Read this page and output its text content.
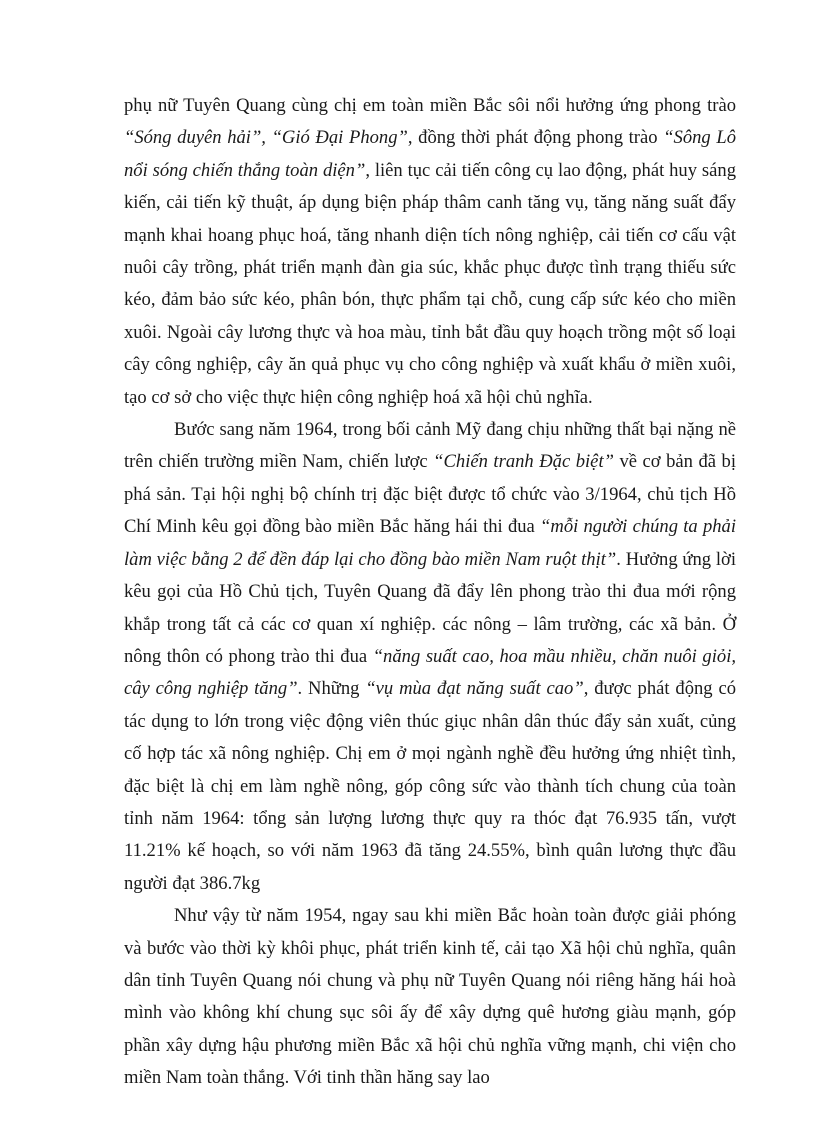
phụ nữ Tuyên Quang cùng chị em toàn miền Bắc sôi nổi hưởng ứng phong trào “Sóng duyên hải”, “Gió Đại Phong”, đồng thời phát động phong trào “Sông Lô nổi sóng chiến thắng toàn diện”, liên tục cải tiến công cụ lao động, phát huy sáng kiến, cải tiến kỹ thuật, áp dụng biện pháp thâm canh tăng vụ, tăng năng suất đẩy mạnh khai hoang phục hoá, tăng nhanh diện tích nông nghiệp, cải tiến cơ cấu vật nuôi cây trồng, phát triển mạnh đàn gia súc, khắc phục được tình trạng thiếu sức kéo, đảm bảo sức kéo, phân bón, thực phẩm tại chỗ, cung cấp sức kéo cho miền xuôi. Ngoài cây lương thực và hoa màu, tỉnh bắt đầu quy hoạch trồng một số loại cây công nghiệp, cây ăn quả phục vụ cho công nghiệp và xuất khẩu ở miền xuôi, tạo cơ sở cho việc thực hiện công nghiệp hoá xã hội chủ nghĩa.

Bước sang năm 1964, trong bối cảnh Mỹ đang chịu những thất bại nặng nề trên chiến trường miền Nam, chiến lược “Chiến tranh Đặc biệt” về cơ bản đã bị phá sản. Tại hội nghị bộ chính trị đặc biệt được tổ chức vào 3/1964, chủ tịch Hồ Chí Minh kêu gọi đồng bào miền Bắc hăng hái thi đua “mỗi người chúng ta phải làm việc bằng 2 để đền đáp lại cho đồng bào miền Nam ruột thịt”. Hưởng ứng lời kêu gọi của Hồ Chủ tịch, Tuyên Quang đã đẩy lên phong trào thi đua mới rộng khắp trong tất cả các cơ quan xí nghiệp. các nông – lâm trường, các xã bản. Ở nông thôn có phong trào thi đua “năng suất cao, hoa mầu nhiều, chăn nuôi giỏi, cây công nghiệp tăng”. Những “vụ mùa đạt năng suất cao”, được phát động có tác dụng to lớn trong việc động viên thúc giục nhân dân thúc đẩy sản xuất, củng cố hợp tác xã nông nghiệp. Chị em ở mọi ngành nghề đều hưởng ứng nhiệt tình, đặc biệt là chị em làm nghề nông, góp công sức vào thành tích chung của toàn tỉnh năm 1964: tổng sản lượng lương thực quy ra thóc đạt 76.935 tấn, vượt 11.21% kế hoạch, so với năm 1963 đã tăng 24.55%, bình quân lương thực đầu người đạt 386.7kg

Như vậy từ năm 1954, ngay sau khi miền Bắc hoàn toàn được giải phóng và bước vào thời kỳ khôi phục, phát triển kinh tế, cải tạo Xã hội chủ nghĩa, quân dân tỉnh Tuyên Quang nói chung và phụ nữ Tuyên Quang nói riêng hăng hái hoà mình vào không khí chung sục sôi ấy để xây dựng quê hương giàu mạnh, góp phần xây dựng hậu phương miền Bắc xã hội chủ nghĩa vững mạnh, chi viện cho miền Nam toàn thắng. Với tinh thần hăng say lao
